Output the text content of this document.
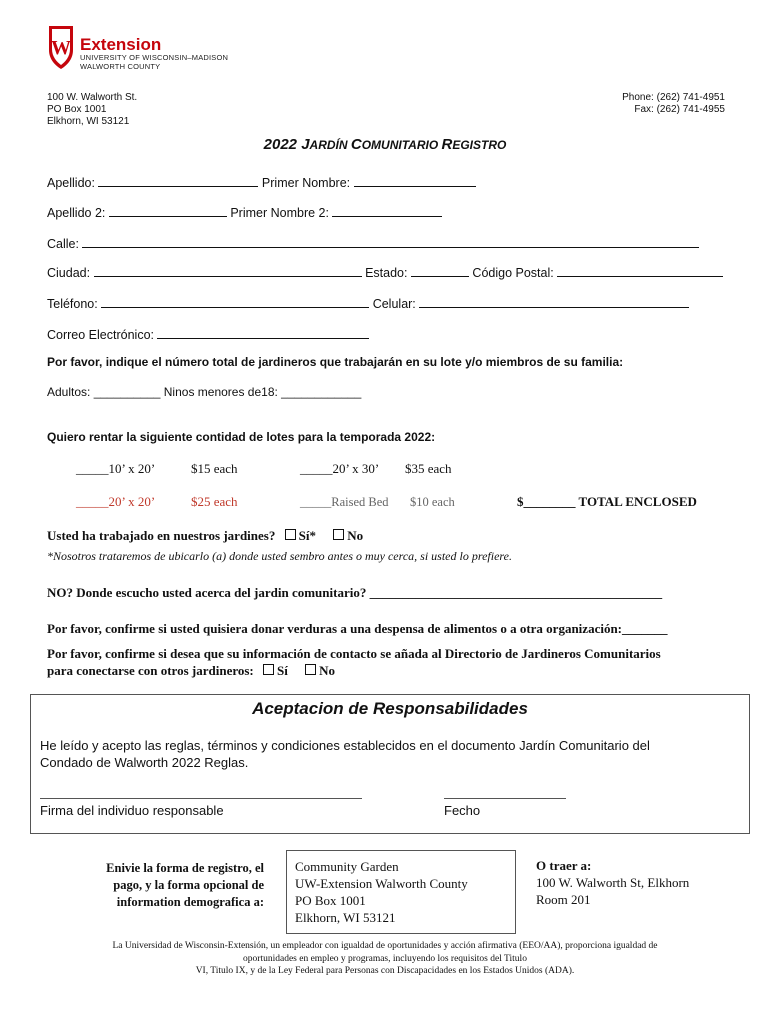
W Extension
UNIVERSITY OF WISCONSIN–MADISON
WALWORTH COUNTY
100 W. Walworth St.
PO Box 1001
Elkhorn, WI 53121
Phone: (262) 741-4951
Fax: (262) 741-4955
2022 JARDÍN COMUNITARIO REGISTRO
Apellido:	Primer Nombre:
Apellido 2:	Primer Nombre 2:
Calle:
Ciudad:	Estado:	Código Postal:
Teléfono:	Celular:
Correo Electrónico:
Por favor, indique el número total de jardineros que trabajarán en su lote y/o miembros de su familia:
Adultos: __________ Ninos menores de18: ____________
Quiero rentar la siguiente contidad de lotes para la temporada 2022:
_____10’ x 20’	$15 each	_____20’ x 30’ $35 each
_____20’ x 20’	$25 each	_____Raised Bed $10 each	$________ TOTAL ENCLOSED
Usted ha trabajado en nuestros jardines? Sí* No
*Nosotros trataremos de ubicarlo (a) donde usted sembro antes o muy cerca, si usted lo prefiere.
NO? Donde escucho usted acerca del jardin comunitario? _____________________________________________
Por favor, confirme si usted quisiera donar verduras a una despensa de alimentos o a otra organización:_______
Por favor, confirme si desea que su información de contacto se añada al Directorio de Jardineros Comunitarios
para conectarse con otros jardineros: Sí No
Aceptacion de Responsabilidades
He leído y acepto las reglas, términos y condiciones establecidos en el documento Jardín Comunitario del
Condado de Walworth 2022 Reglas.
Firma del individuo responsable	Fecho
Enivie la forma de registro, el
pago, y la forma opcional de
information demografica a:
Community Garden
UW-Extension Walworth County
PO Box 1001
Elkhorn, WI 53121
O traer a:
100 W. Walworth St, Elkhorn
Room 201
La Universidad de Wisconsin-Extensión, un empleador con igualdad de oportunidades y acción afirmativa (EEO/AA), proporciona igualdad de
oportunidades en empleo y programas, incluyendo los requisitos del Titulo
VI, Titulo IX, y de la Ley Federal para Personas con Discapacidades en los Estados Unidos (ADA).
